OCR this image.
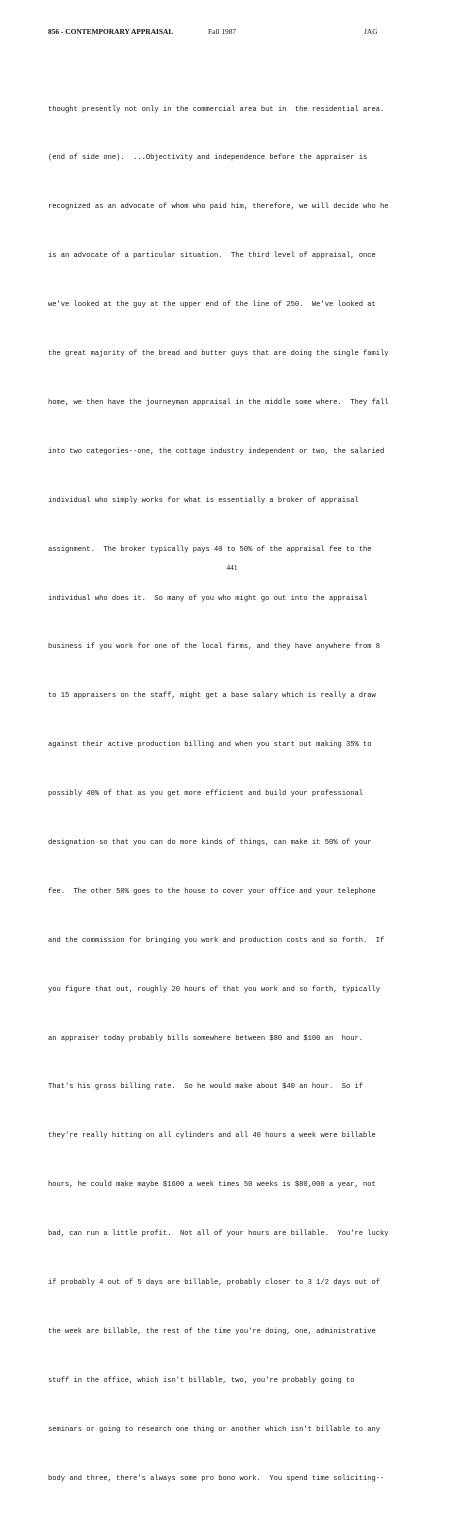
856 - CONTEMPORARY APPRAISAL	Fall 1987	JAG

thought presently not only in the commercial area but in  the residential area.

(end of side one).  ...Objectivity and independence before the appraiser is

recognized as an advocate of whom who paid him, therefore, we will decide who he

is an advocate of a particular situation.  The third level of appraisal, once

we've looked at the guy at the upper end of the line of 250.  We've looked at

the great majority of the bread and butter guys that are doing the single family

home, we then have the journeyman appraisal in the middle some where.  They fall

into two categories--one, the cottage industry independent or two, the salaried

individual who simply works for what is essentially a broker of appraisal

assignment.  The broker typically pays 40 to 50% of the appraisal fee to the

individual who does it.  So many of you who might go out into the appraisal

business if you work for one of the local firms, and they have anywhere from 8

to 15 appraisers on the staff, might get a base salary which is really a draw

against their active production billing and when you start out making 35% to

possibly 40% of that as you get more efficient and build your professional

designation so that you can do more kinds of things, can make it 50% of your

fee.  The other 50% goes to the house to cover your office and your telephone

and the commission for bringing you work and production costs and so forth.  If

you figure that out, roughly 20 hours of that you work and so forth, typically

an appraiser today probably bills somewhere between $80 and $100 an  hour.

That's his gross billing rate.  So he would make about $40 an hour.  So if

they're really hitting on all cylinders and all 40 hours a week were billable

hours, he could make maybe $1600 a week times 50 weeks is $80,000 a year, not

bad, can run a little profit.  Not all of your hours are billable.  You're lucky

if probably 4 out of 5 days are billable, probably closer to 3 1/2 days out of

the week are billable, the rest of the time you're doing, one, administrative

stuff in the office, which isn't billable, two, you're probably going to

seminars or going to research one thing or another which isn't billable to any

body and three, there's always some pro bono work.  You spend time soliciting--

441
